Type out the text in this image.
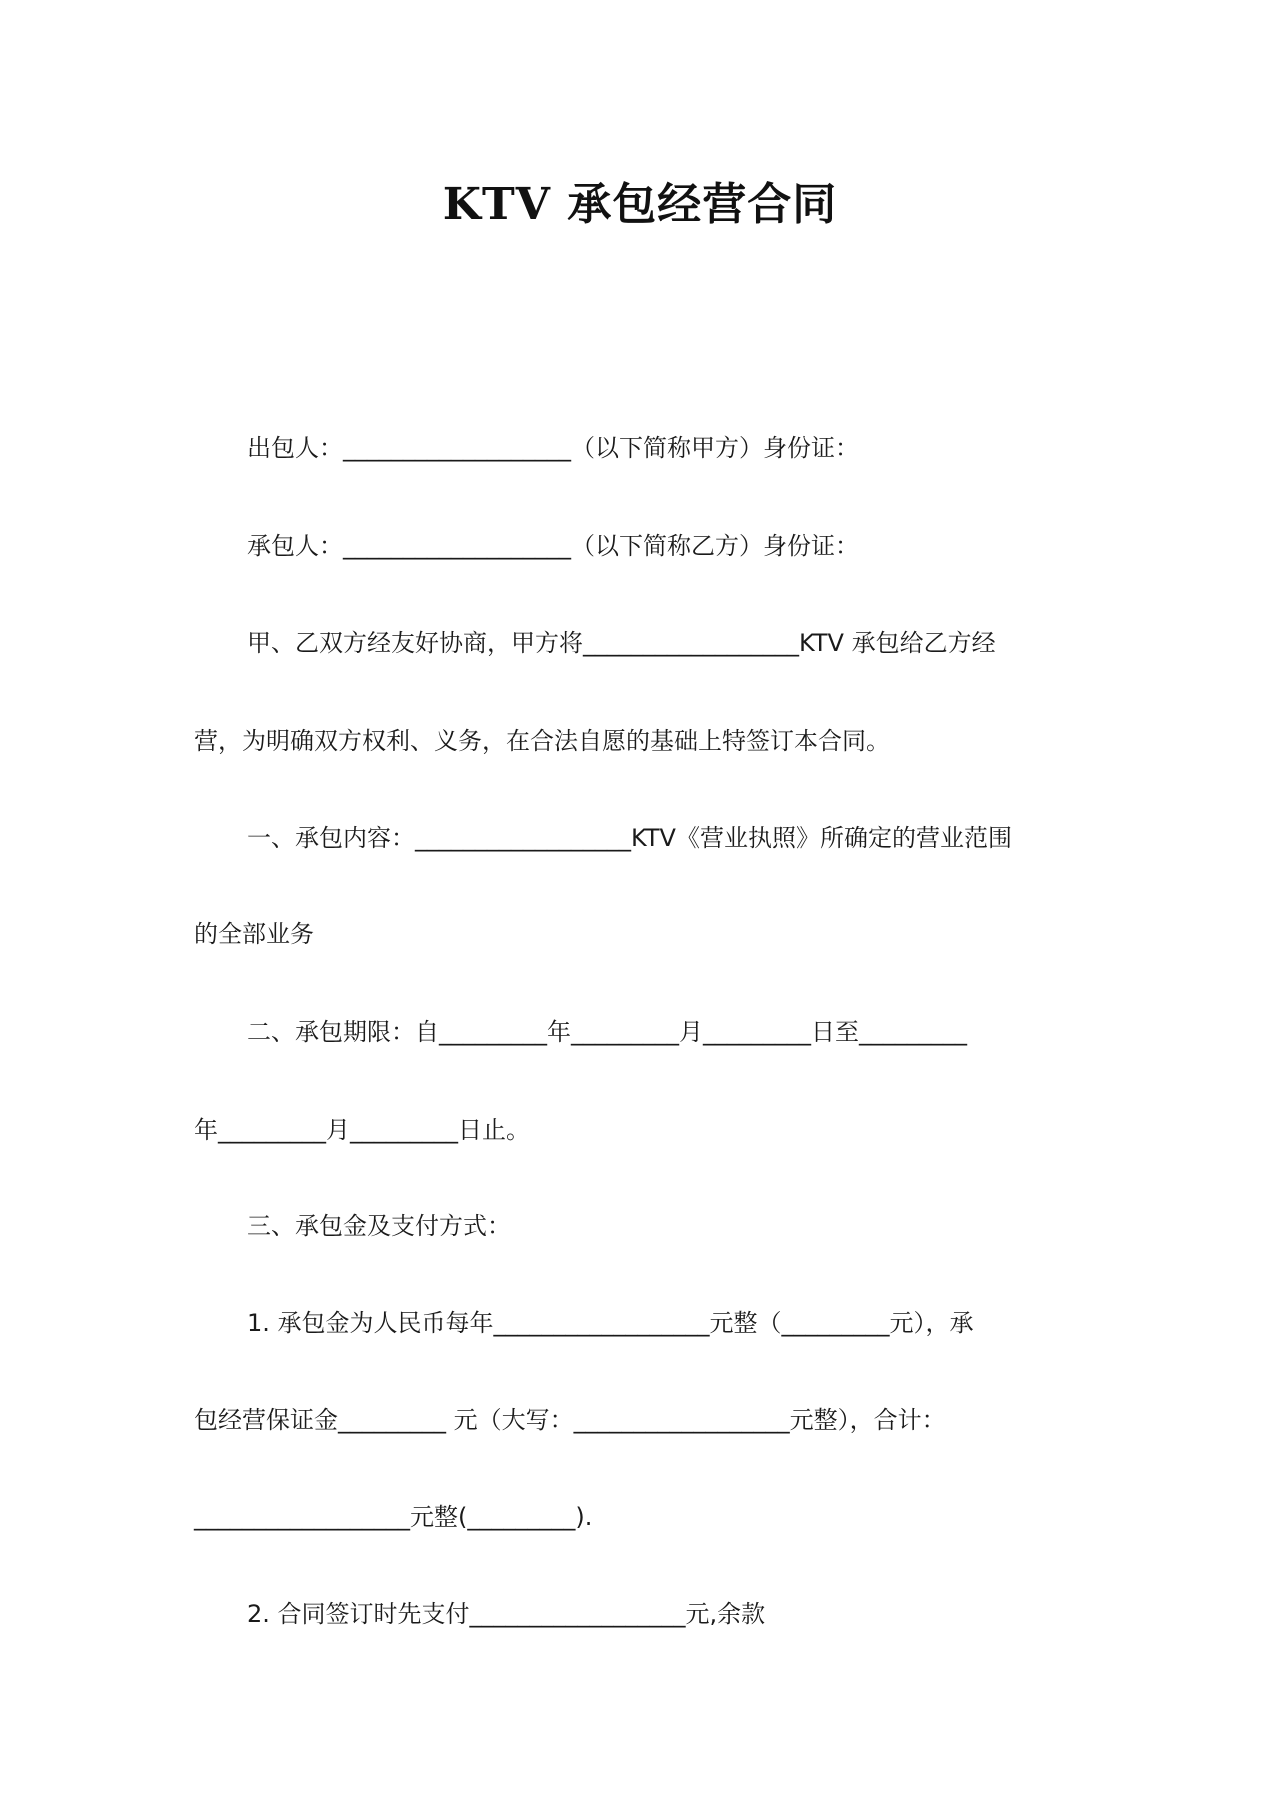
KTV 承包经营合同
出包人：___________________（以下简称甲方）身份证：
承包人：___________________（以下简称乙方）身份证：
甲、乙双方经友好协商，甲方将__________________KTV 承包给乙方经
营，为明确双方权利、义务，在合法自愿的基础上特签订本合同。
一、承包内容：__________________KTV《营业执照》所确定的营业范围
的全部业务
二、承包期限：自_________年_________月_________日至_________
年_________月_________日止。
三、承包金及支付方式：
1. 承包金为人民币每年__________________元整（_________元），承
包经营保证金_________ 元（大写：__________________元整），合计：
__________________元整(_________).
2. 合同签订时先支付__________________元,余款
